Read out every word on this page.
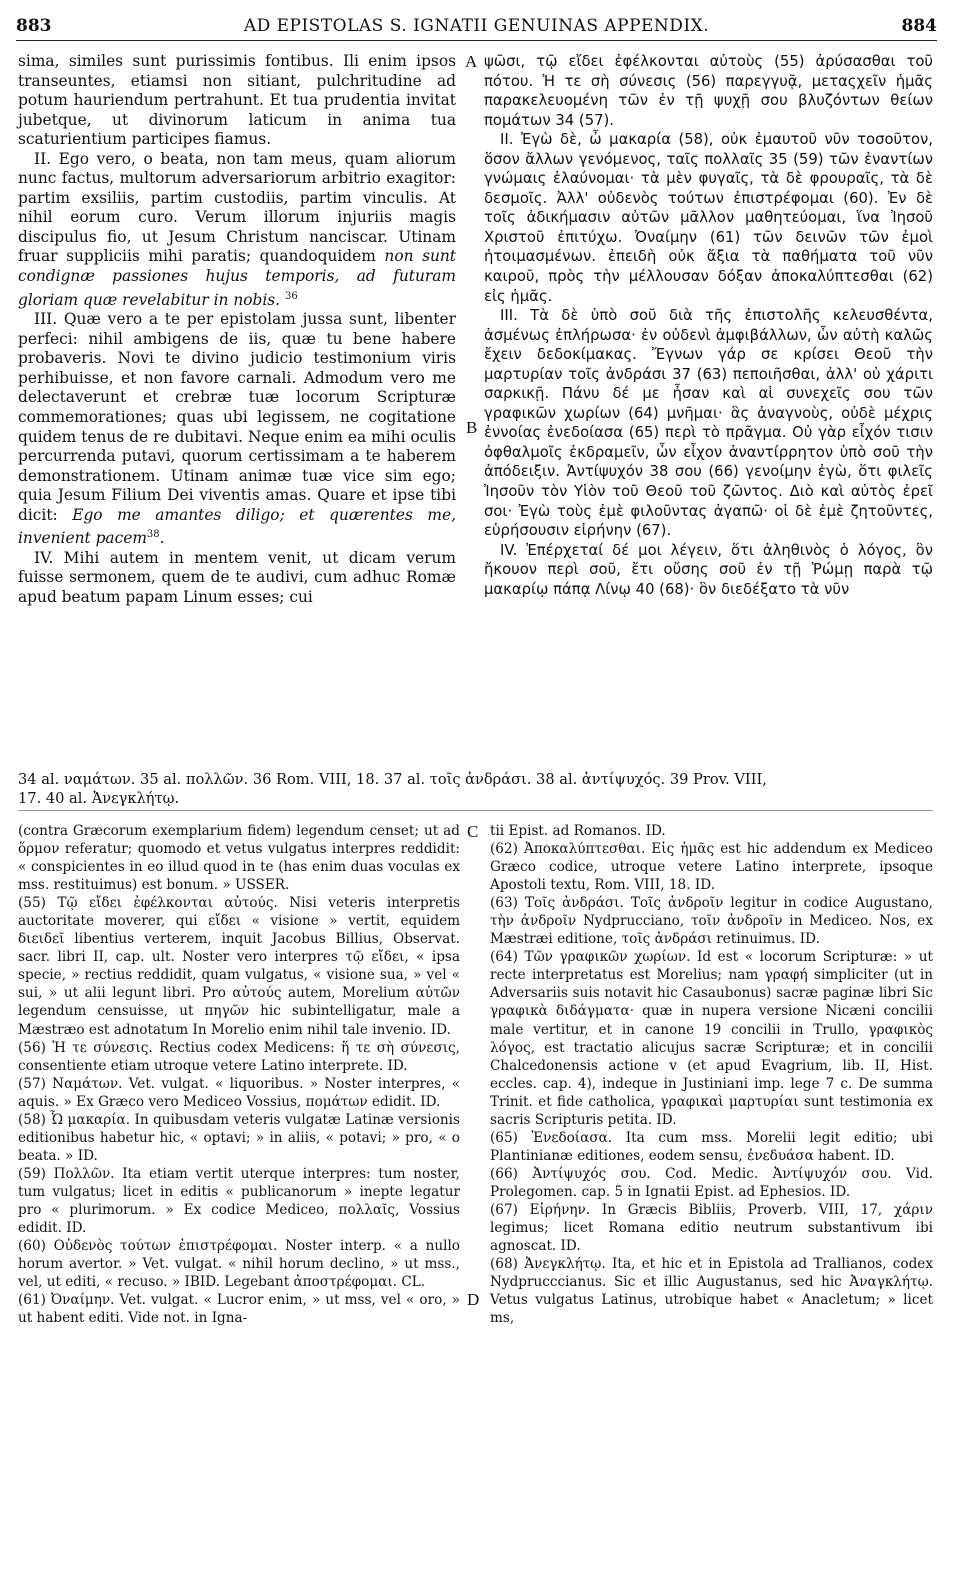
883	AD EPISTOLAS S. IGNATII GENUINAS APPENDIX.	884
A
B
C
D

sima, similes sunt purissimis fontibus. Ili enim ipsos transeuntes, etiamsi non sitiant, pulchritudine ad potum hauriendum pertrahunt. Et tua prudentia invitat jubetque, ut divinorum laticum in anima tua scaturientium participes fiamus.

II. Ego vero, o beata, non tam meus, quam aliorum nunc factus, multorum adversariorum arbitrio exagitor: partim exsiliis, partim custodiis, partim vinculis. At nihil eorum curo. Verum illorum injuriis magis discipulus fio, ut Jesum Christum nanciscar. Utinam fruar suppliciis mihi paratis; quandoquidem non sunt condignæ passiones hujus temporis, ad futuram gloriam quæ revelabitur in nobis. $^{36}$

III. Quæ vero a te per epistolam jussa sunt, libenter perfeci: nihil ambigens de iis, quæ tu bene habere probaveris. Novi te divino judicio testimonium viris perhibuisse, et non favore carnali. Admodum vero me delectaverunt et crebræ tuæ locorum Scripturæ commemorationes; quas ubi legissem, ne cogitatione quidem tenus de re dubitavi. Neque enim ea mihi oculis percurrenda putavi, quorum certissimam a te haberem demonstrationem. Utinam animæ tuæ vice sim ego; quia Jesum Filium Dei viventis amas. Quare et ipse tibi dicit: Ego me amantes diligo; et quærentes me, invenient pacem$^{38}$.

IV. Mihi autem in mentem venit, ut dicam verum fuisse sermonem, quem de te audivi, cum adhuc Romæ apud beatum papam Linum esses; cui

ψῶσι, τῷ εἴδει ἐφέλκονται αὐτοὺς (55) ἀρύσασθαι τοῦ πότου. Ἡ τε σὴ σύνεσις (56) παρεγγυᾷ, μεταςχεῖν ἡμᾶς παρακελευομένη τῶν ἐν τῇ ψυχῇ σου βλυζόντων θείων πομάτων 34 (57).

II. Ἐγὼ δὲ, ὦ μακαρία (58), οὐκ ἐμαυτοῦ νῦν τοσοῦτον, ὅσον ἄλλων γενόμενος, ταῖς πολλαῖς 35 (59) τῶν ἐναντίων γνώμαις ἐλαύνομαι· τὰ μὲν φυγαῖς, τὰ δὲ φρουραῖς, τὰ δὲ δεσμοῖς. Ἀλλ' οὐδενὸς τούτων ἐπιστρέφομαι (60). Ἐν δὲ τοῖς ἀδικήμασιν αὐτῶν μᾶλλον μαθητεύομαι, ἵνα Ἰησοῦ Χριστοῦ ἐπιτύχω. Ὀναίμην (61) τῶν δεινῶν τῶν ἐμοὶ ἡτοιμασμένων. ἐπειδὴ οὐκ ἄξια τὰ παθήματα τοῦ νῦν καιροῦ, πρὸς τὴν μέλλουσαν δόξαν ἀποκαλύπτεσθαι (62) εἰς ἡμᾶς.

III. Τὰ δὲ ὑπὸ σοῦ διὰ τῆς ἐπιστολῆς κελευσθέντα, ἀσμένως ἐπλήρωσα· ἐν οὐδενὶ ἀμφιβάλλων, ὧν αὐτὴ καλῶς ἔχειν δεδοκίμακας. Ἔγνων γάρ σε κρίσει Θεοῦ τὴν μαρτυρίαν τοῖς ἀνδράσι 37 (63) πεποιῆσθαι, ἀλλ' οὐ χάριτι σαρκικῇ. Πάνυ δέ με ἦσαν καὶ αἱ συνεχεῖς σου τῶν γραφικῶν χωρίων (64) μνῆμαι· ἃς ἀναγνοὺς, οὐδὲ μέχρις ἐννοίας ἐνεδοίασα (65) περὶ τὸ πρᾶγμα. Οὐ γὰρ εἶχόν τισιν ὀφθαλμοῖς ἐκδραμεῖν, ὧν εἶχον ἀναντίρρητον ὑπὸ σοῦ τὴν ἀπόδειξιν. Ἀντίψυχόν 38 σου (66) γενοίμην ἐγὼ, ὅτι φιλεῖς Ἰησοῦν τὸν Υἱὸν τοῦ Θεοῦ τοῦ ζῶντος. Διὸ καὶ αὐτὸς ἐρεῖ σοι· Ἐγὼ τοὺς ἐμὲ φιλοῦντας ἀγαπῶ· οἱ δὲ ἐμὲ ζητοῦντες, εὑρήσουσιν εἰρήνην (67).

IV. Ἐπέρχεταί δέ μοι λέγειν, ὅτι ἀληθινὸς ὁ λόγος, ὃν ἤκουον περὶ σοῦ, ἔτι οὔσης σοῦ ἐν τῇ Ῥώμῃ παρὰ τῷ μακαρίῳ πάπᾳ Λίνῳ 40 (68)· ὃν διεδέξατο τὰ νῦν

34 al. ναμάτων. 35 al. πολλῶν. 36 Rom. VIII, 18. 37 al. τοῖς ἀνδράσι. 38 al. ἀντίψυχός. 39 Prov. VIII,
17. 40 al. Ἀνεγκλήτῳ.

(contra Græcorum exemplarium fidem) legendum censet; ut ad ὅρμον referatur; quomodo et vetus vulgatus interpres reddidit: « conspicientes in eo illud quod in te (has enim duas voculas ex mss. restituimus) est bonum. » USSER.

(55) Τῷ εἴδει ἐφέλκονται αὐτούς. Nisi veteris interpretis auctoritate moverer, qui εἴδει « visione » vertit, equidem διειδεῖ libentius verterem, inquit Jacobus Billius, Observat. sacr. libri II, cap. ult. Noster vero interpres τῷ εἴδει, « ipsa specie, » rectius reddidit, quam vulgatus, « visione sua, » vel « sui, » ut alii legunt libri. Pro αὐτούς autem, Morelium αὐτῶν legendum censuisse, ut πηγῶν hic subintelligatur, male a Mæstræo est adnotatum In Morelio enim nihil tale invenio. ID.

(56) Ἡ τε σύνεσις. Rectius codex Medicens: ἥ τε σὴ σύνεσις, consentiente etiam utroque vetere Latino interprete. ID.

(57) Ναμάτων. Vet. vulgat. « liquoribus. » Noster interpres, « aquis. » Ex Græco vero Mediceo Vossius, πομάτων edidit. ID.

(58) Ὦ μακαρία. In quibusdam veteris vulgatæ Latinæ versionis editionibus habetur hic, « optavi; » in aliis, « potavi; » pro, « o beata. » ID.

(59) Πολλῶν. Ita etiam vertit uterque interpres: tum noster, tum vulgatus; licet in editis « publicanorum » inepte legatur pro « plurimorum. » Ex codice Mediceo, πολλαῖς, Vossius edidit. ID.

(60) Οὐδενὸς τούτων ἐπιστρέφομαι. Noster interp. « a nullo horum avertor. » Vet. vulgat. « nihil horum declino, » ut mss., vel, ut editi, « recuso. » IBID. Legebant ἀποστρέφομαι. CL.

(61) Ὀναίμην. Vet. vulgat. « Lucror enim, » ut mss, vel « oro, » ut habent editi. Vide not. in Igna-

tii Epist. ad Romanos. ID.

(62) Ἀποκαλύπτεσθαι. Εἰς ἡμᾶς est hic addendum ex Mediceo Græco codice, utroque vetere Latino interprete, ipsoque Apostoli textu, Rom. VIII, 18. ID.

(63) Τοῖς ἀνδράσι. Τοῖς ἀνδροῖν legitur in codice Augustano, τὴν ἀνδροῖν Nydprucciano, τοῖν ἀνδροῖν in Mediceo. Nos, ex Mæstræi editione, τοῖς ἀνδράσι retinuimus. ID.

(64) Τῶν γραφικῶν χωρίων. Id est « locorum Scripturæ: » ut recte interpretatus est Morelius; nam γραφή simpliciter (ut in Adversariis suis notavit hic Casaubonus) sacræ paginæ libri Sic γραφικὰ διδάγματα· quæ in nupera versione Nicæni concilii male vertitur, et in canone 19 concilii in Trullo, γραφικὸς λόγος, est tractatio alicujus sacræ Scripturæ; et in concilii Chalcedonensis actione v (et apud Evagrium, lib. II, Hist. eccles. cap. 4), indeque in Justiniani imp. lege 7 c. De summa Trinit. et fide catholica, γραφικαὶ μαρτυρίαι sunt testimonia ex sacris Scripturis petita. ID.

(65) Ἐνεδοίασα. Ita cum mss. Morelii legit editio; ubi Plantinianæ editiones, eodem sensu, ἐνεδυάσα habent. ID.

(66) Ἀντίψυχός σου. Cod. Medic. Ἀντίψυχόν σου. Vid. Prolegomen. cap. 5 in Ignatii Epist. ad Ephesios. ID.

(67) Εἰρήνην. In Græcis Bibliis, Proverb. VIII, 17, χάριν legimus; licet Romana editio neutrum substantivum ibi agnoscat. ID.

(68) Ἀνεγκλήτῳ. Ita, et hic et in Epistola ad Trallianos, codex Nydprucccianus. Sic et illic Augustanus, sed hic Ἀναγκλήτῳ. Vetus vulgatus Latinus, utrobique habet « Anacletum; » licet ms,
